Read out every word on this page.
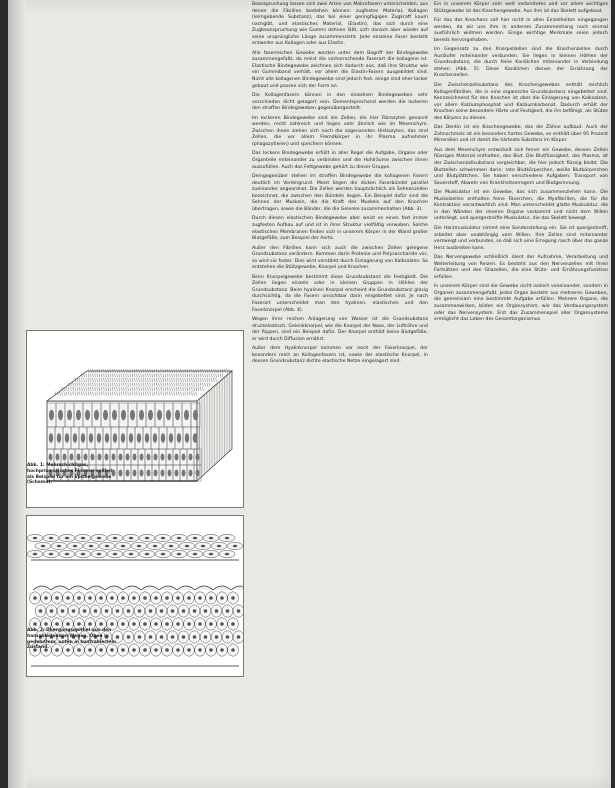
Abb. 1: Mehrschichtiges, hochprismatisches Flimmerepithel als Beispiel für ein Epithelgewebe (Schema).
Abb. 2: Übergangsepithel aus den harnableitenden Wegen. Oben in gedehntem, unten in kontrahiertem Zustand.

Beanspruchung lassen sich zwei Arten von Makrofasern unterscheiden, aus denen die Fibrillen bestehen können: zugfestes Material, Kollagen (leimgebende Substanz), das bei einer geringfügigen Zugkraft kaum nachgibt, und elastisches Material, (Elastin), das sich durch eine Zugbeanspruchung wie Gummi dehnen läßt, sich danach aber wieder auf seine ursprüngliche Länge zusammenzieht. Jede einzelne Faser besteht entweder aus Kollagen oder aus Elastin.

Alle faserreichen Gewebe werden unter dem Begriff der Bindegewebe zusammengefaßt, da meist die vorherrschende Faserart die kollagene ist. Elastische Bindegewebe zeichnen sich dadurch aus, daß ihre Struktur wie ein Gummiband verhält, vor allem die Elastin-Fasern ausgebildet sind. Nicht alle kollagenen Bindegewebe sind jedoch fest, einige sind eher locker gebaut und passen sich der Form an.

Die Kollagenfasern können in den einzelnen Bindegeweben sehr verschieden dicht gelagert sein. Dementsprechend werden die lockeren den straffen Bindegeweben gegenübergestellt.

Im lockeren Bindegewebe sind die Zellen, die hier Fibrozyten genannt werden, recht zahlreich und liegen sehr ähnlich wie im Mesenchym. Zwischen ihnen ziehen sich noch die sogenannten Histiozyten, das sind Zellen, die vor allem Fremdkörper in ihr Plasma aufnehmen (phagozytieren) und speichern können.

Das lockere Bindegewebe erfüllt in aller Regel die Aufgabe, Organe oder Organteile miteinander zu verbinden und die Hohlräume zwischen ihnen auszufüllen. Auch das Fettgewebe gehört zu dieser Gruppe.

Demgegenüber stehen im straffen Bindegewebe die kollagenen Fasern deutlich im Vordergrund. Meist liegen die dicken Faserbündel parallel zueinander angeordnet. Die Zellen werden hauptsächlich als Sehnenzellen bezeichnet, die zwischen den Bündeln liegen. Ein Beispiel dafür sind die Sehnen der Muskeln, die die Kraft des Muskels auf den Knochen übertragen, sowie die Bänder, die die Gelenke zusammenhalten (Abb. 3).

Durch diesen elastischen Bindegewebe aber weist es einen fast immer zugfesten Aufbau auf und ist in ihrer Struktur vielfältig verwoben. Solche elastischen Membranen finden sich in unserem Körper in der Wand großer Blutgefäße, zum Beispiel der Aorta.

Außer den Fibrillen kann sich auch die zwischen Zellen gelegene Grundsubstanz verändern. Kommen darin Proteine und Polysaccharide vor, so wird sie fester. Dies wird verstärkt durch Einlagerung von Kalksalzen. So entstehen die Stützgewebe, Knorpel und Knochen.

Beim Knorpelgewebe bestimmt diese Grundsubstanz die Festigkeit. Die Zellen liegen einzeln oder in kleinen Gruppen in Höhlen der Grundsubstanz. Beim hyalinen Knorpel erscheint die Grundsubstanz glasig durchsichtig, da die Fasern unsichtbar darin eingebettet sind. Je nach Faserart unterscheidet man den hyalinen, elastischen und den Faserknorpel (Abb. 4).

Wegen ihrer reichen Anlagerung von Wasser ist die Grundsubstanz druckelastisch. Gelenkknorpel, wie die Knorpel der Nase, der Luftröhre und der Rippen, sind ein Beispiel dafür. Der Knorpel enthält keine Blutgefäße, er wird durch Diffusion ernährt.

Außer dem Hyalinknorpel kommen vor noch der Faserknorpel, der besonders reich an Kollagenfasern ist, sowie der elastische Knorpel, in dessen Grundsubstanz dichte elastische Netze eingelagert sind.

Ein in unserem Körper sehr weit verbreitetes und vor allem wichtiges Stützgewebe ist das Knochengewebe. Aus ihm ist das Skelett aufgebaut.

Für das des Knochens soll hier nicht in allen Einzelheiten eingegangen werden, da wir uns ihm in anderem Zusammenhang noch einmal ausführlich widmen werden. Einige wichtige Merkmale seien jedoch bereits hervorgehoben.

Im Gegensatz zu den Knorpelzellen sind die Knochenzellen durch Ausläufer miteinander verbunden. Sie liegen in kleinen Höhlen der Grundsubstanz, die durch feine Kanälchen miteinander in Verbindung stehen (Abb. 5). Diese Kanälchen dienen der Ernährung der Knochenzellen.

Die Zwischenzellsubstanz des Knochengewebes enthält reichlich Kollagenfibrillen, die in eine organische Grundsubstanz eingebettet sind. Kennzeichnend für den Knochen ist aber die Einlagerung von Kalksalzen, vor allem Kalziumphosphat und Kalziumkarbonat. Dadurch erhält der Knochen seine besondere Härte und Festigkeit, die ihn befähigt, als Stütze des Körpers zu dienen.

Das Dentin ist ein Knochengewebe, das die Zähne aufbaut. Auch der Zahnschmelz ist ein besonders hartes Gewebe, es enthält über 95 Prozent Mineralien und ist damit die härteste Substanz im Körper.

Aus dem Mesenchym entwickelt sich ferner ein Gewebe, dessen Zellen flüssiges Material enthalten, das Blut. Die Blutflüssigkeit, das Plasma, ist der Zwischenzellsubstanz vergleichbar, die hier jedoch flüssig bleibt. Die Blutzellen schwimmen darin: rote Blutkörperchen, weiße Blutkörperchen und Blutplättchen. Sie haben verschiedene Aufgaben: Transport von Sauerstoff, Abwehr von Krankheitserregern und Blutgerinnung.

Die Muskulatur ist ein Gewebe, das sich zusammenziehen kann. Die Muskelzellen enthalten feine Fäserchen, die Myofibrillen, die für die Kontraktion verantwortlich sind. Man unterscheidet glatte Muskulatur, die in den Wänden der inneren Organe vorkommt und nicht dem Willen unterliegt, und quergestreifte Muskulatur, die das Skelett bewegt.

Die Herzmuskulatur nimmt eine Sonderstellung ein. Sie ist quergestreift, arbeitet aber unabhängig vom Willen. Ihre Zellen sind miteinander verzweigt und verbunden, so daß sich eine Erregung rasch über das ganze Herz ausbreiten kann.

Das Nervengewebe schließlich dient der Aufnahme, Verarbeitung und Weiterleitung von Reizen. Es besteht aus den Nervenzellen mit ihren Fortsätzen und den Gliazellen, die eine Stütz- und Ernährungsfunktion erfüllen.

In unserem Körper sind die Gewebe nicht isoliert voneinander, sondern in Organen zusammengefaßt. Jedes Organ besteht aus mehreren Geweben, die gemeinsam eine bestimmte Aufgabe erfüllen. Mehrere Organe, die zusammenwirken, bilden ein Organsystem, wie das Verdauungssystem oder das Nervensystem. Erst das Zusammenspiel aller Organsysteme ermöglicht das Leben des Gesamtorganismus.
